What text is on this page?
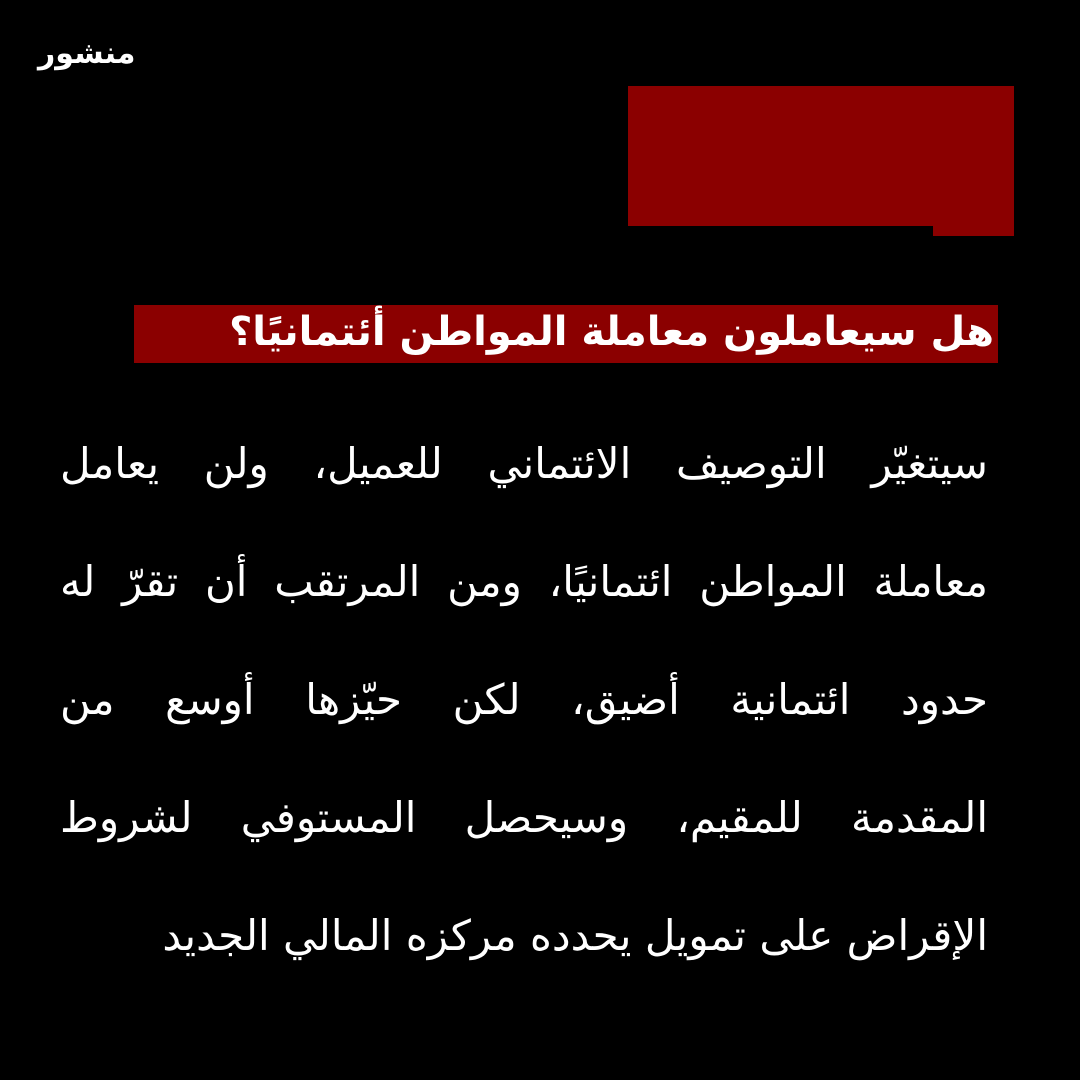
منشور
هل سيعاملون معاملة المواطن أئتمانيًا؟
سيتغيّر التوصيف الائتماني للعميل، ولن يعامل
معاملة المواطن ائتمانيًا، ومن المرتقب أن تقرّ له
حدود ائتمانية أضيق، لكن حيّزها أوسع من
المقدمة للمقيم، وسيحصل المستوفي لشروط
الإقراض على تمويل يحدده مركزه المالي الجديد
